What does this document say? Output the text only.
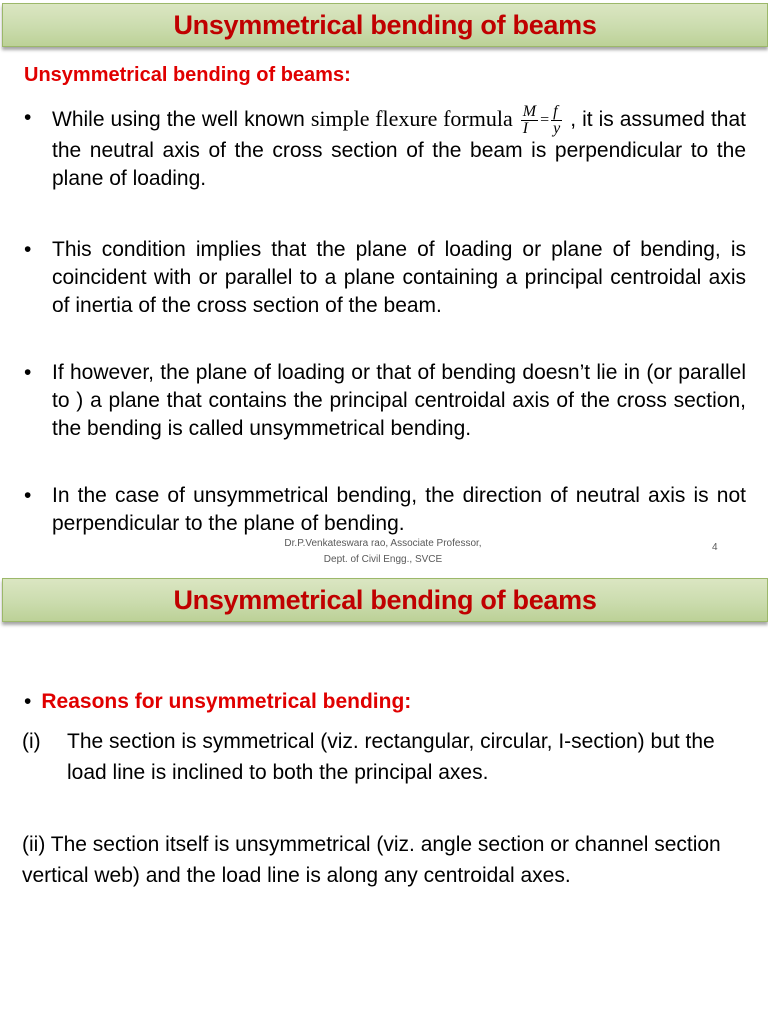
Unsymmetrical bending of beams
Unsymmetrical bending of beams:
• While using the well known simple flexure formula $\frac{M}{I} = \frac{f}{y}$ , it is assumed that the neutral axis of the cross section of the beam is perpendicular to the plane of loading.
• This condition implies that the plane of loading or plane of bending, is coincident with or parallel to a plane containing a principal centroidal axis of inertia of the cross section of the beam.
• If however, the plane of loading or that of bending doesn’t lie in (or parallel to ) a plane that contains the principal centroidal axis of the cross section, the bending is called unsymmetrical bending.
• In the case of unsymmetrical bending, the direction of neutral axis is not perpendicular to the plane of bending.
Dr.P.Venkateswara rao, Associate Professor,
Dept. of Civil Engg., SVCE
4
Unsymmetrical bending of beams
• Reasons for unsymmetrical bending:
(i) The section is symmetrical (viz. rectangular, circular, I-section) but the load line is inclined to both the principal axes.
(ii) The section itself is unsymmetrical (viz. angle section or channel section vertical web) and the load line is along any centroidal axes.
